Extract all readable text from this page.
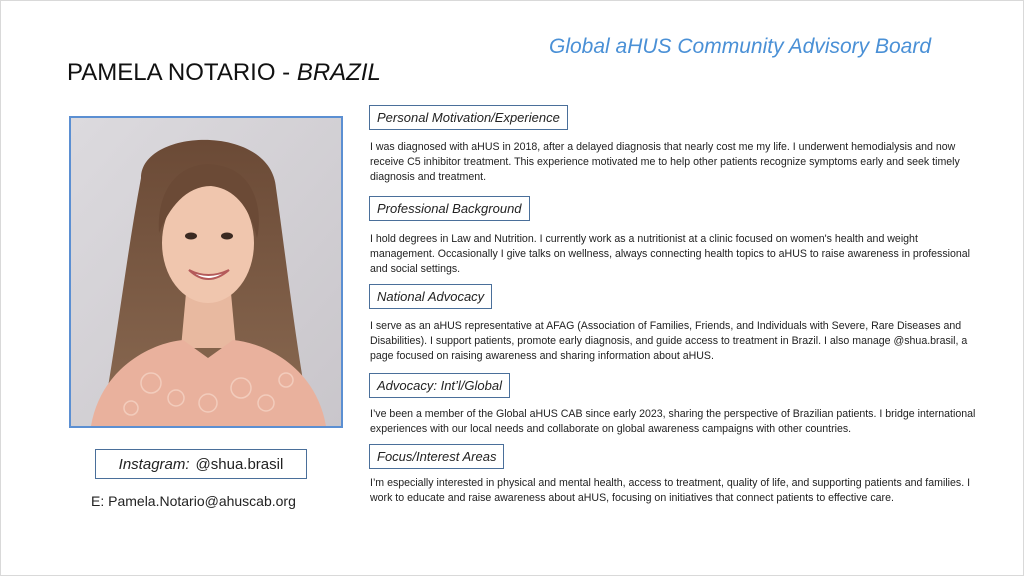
Global aHUS Community Advisory Board
PAMELA NOTARIO - BRAZIL
Instagram: @shua.brasil
E: Pamela.Notario@ahuscab.org
Personal Motivation/Experience
I was diagnosed with aHUS in 2018, after a delayed diagnosis that nearly cost me my life. I underwent hemodialysis and now receive C5 inhibitor treatment. This experience motivated me to help other patients recognize symptoms early and seek timely diagnosis and treatment.
Professional Background
I hold degrees in Law and Nutrition. I currently work as a nutritionist at a clinic focused on women's health and weight management. Occasionally I give talks on wellness, always connecting health topics to aHUS to raise awareness in professional and social settings.
National Advocacy
I serve as an aHUS representative at AFAG (Association of Families, Friends, and Individuals with Severe, Rare Diseases and Disabilities). I support patients, promote early diagnosis, and guide access to treatment in Brazil. I also manage @shua.brasil, a page focused on raising awareness and sharing information about aHUS.
Advocacy: Int’l/Global
I’ve been a member of the Global aHUS CAB since early 2023, sharing the perspective of Brazilian patients. I bridge international experiences with our local needs and collaborate on global awareness campaigns with other countries.
Focus/Interest Areas
I’m especially interested in physical and mental health, access to treatment, quality of life, and supporting patients and families. I work to educate and raise awareness about aHUS, focusing on initiatives that connect patients to effective care.
